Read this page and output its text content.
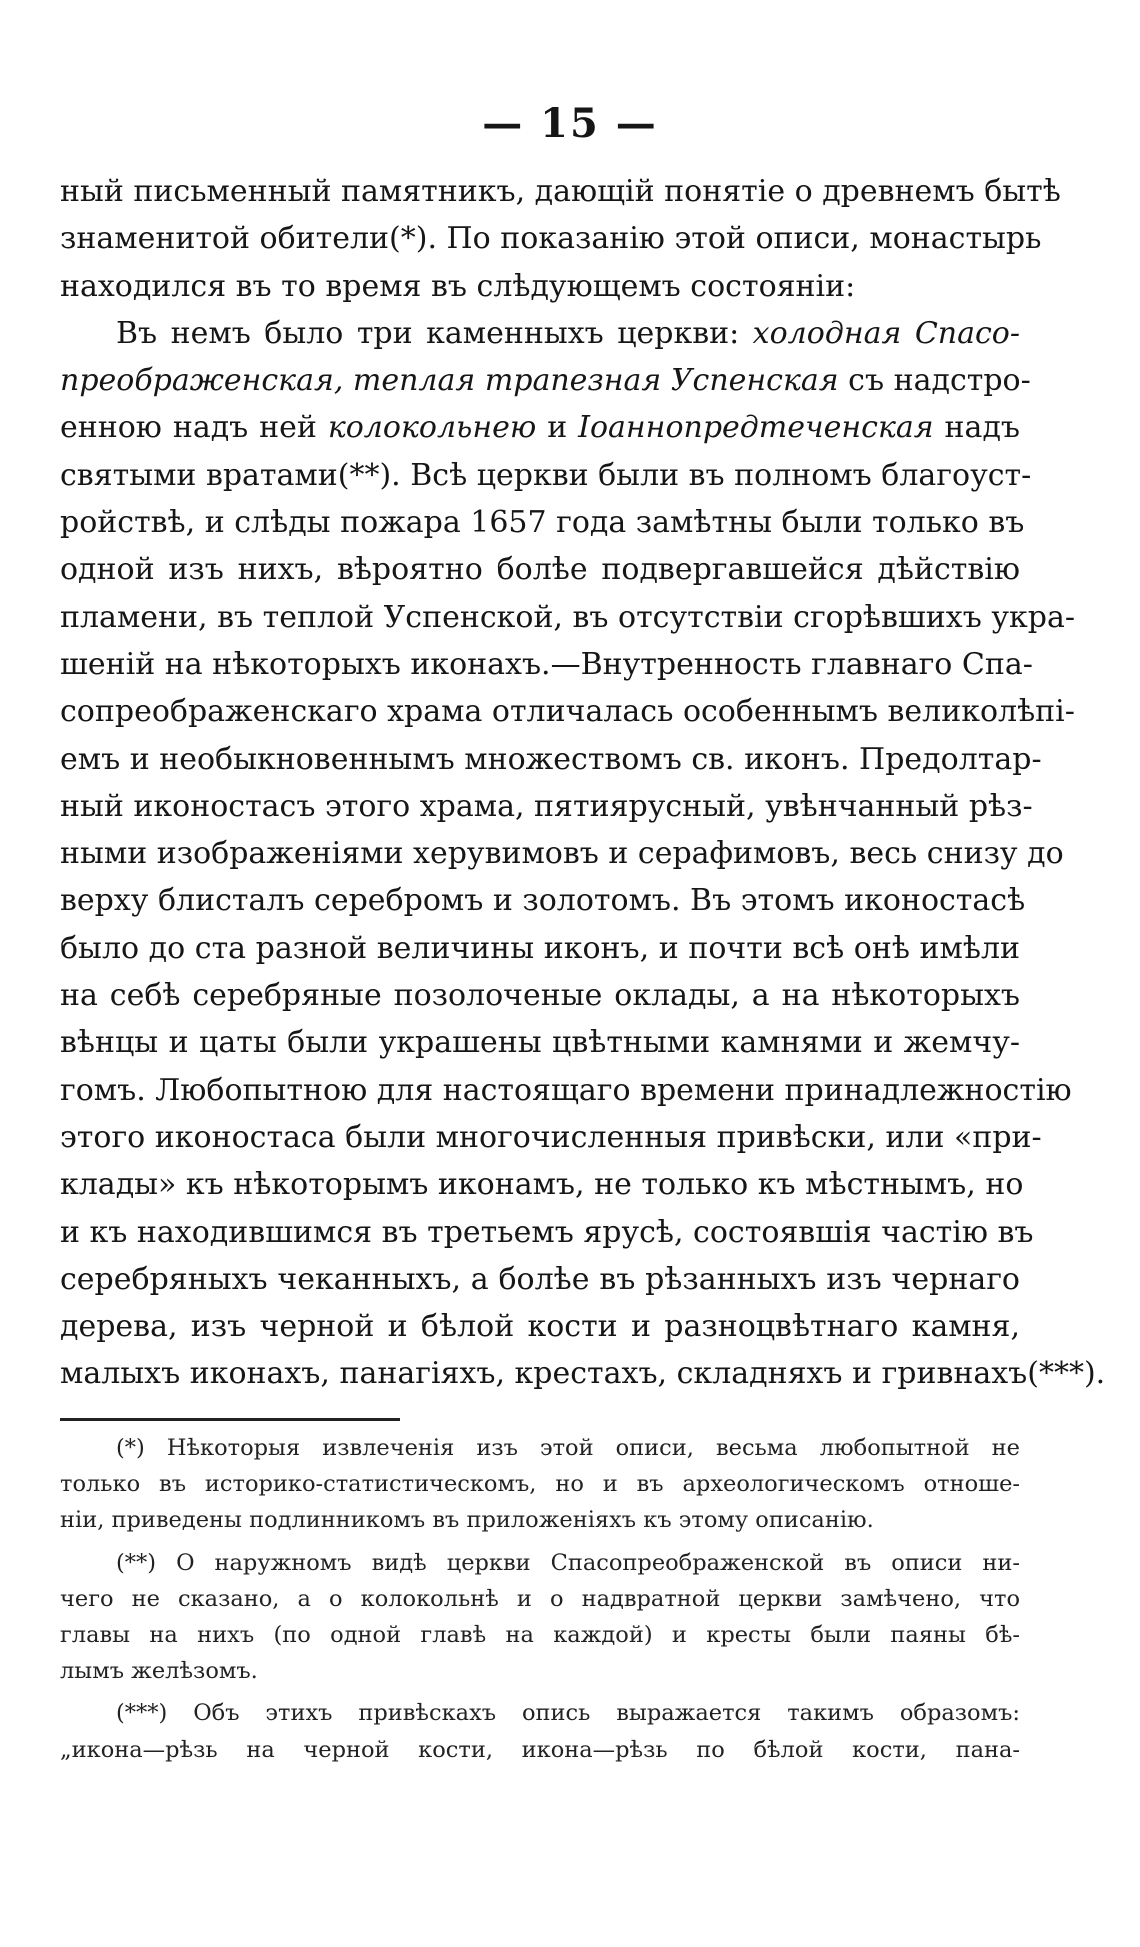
— 15 —
ный письменный памятникъ, дающій понятіе о древнемъ бытѣ
знаменитой обители(*). По показанію этой описи, монастырь
находился въ то время въ слѣдующемъ состояніи:
Въ немъ было три каменныхъ церкви: холодная Спасо-
преображенская, теплая трапезная Успенская съ надстро-
енною надъ ней колокольнею и Іоаннопредтеченская надъ
святыми вратами(**). Всѣ церкви были въ полномъ благоуст-
ройствѣ, и слѣды пожара 1657 года замѣтны были только въ
одной изъ нихъ, вѣроятно болѣе подвергавшейся дѣйствію
пламени, въ теплой Успенской, въ отсутствіи сгорѣвшихъ укра-
шеній на нѣкоторыхъ иконахъ.—Внутренность главнаго Спа-
сопреображенскаго храма отличалась особеннымъ великолѣпі-
емъ и необыкновеннымъ множествомъ св. иконъ. Предолтар-
ный иконостасъ этого храма, пятиярусный, увѣнчанный рѣз-
ными изображеніями херувимовъ и серафимовъ, весь снизу до
верху блисталъ серебромъ и золотомъ. Въ этомъ иконостасѣ
было до ста разной величины иконъ, и почти всѣ онѣ имѣли
на себѣ серебряные позолоченые оклады, а на нѣкоторыхъ
вѣнцы и цаты были украшены цвѣтными камнями и жемчу-
гомъ. Любопытною для настоящаго времени принадлежностію
этого иконостаса были многочисленныя привѣски, или «при-
клады» къ нѣкоторымъ иконамъ, не только къ мѣстнымъ, но
и къ находившимся въ третьемъ ярусѣ, состоявшія частію въ
серебряныхъ чеканныхъ, а болѣе въ рѣзанныхъ изъ чернаго
дерева, изъ черной и бѣлой кости и разноцвѣтнаго камня,
малыхъ иконахъ, панагіяхъ, крестахъ, складняхъ и гривнахъ(***).
(*) Нѣкоторыя извлеченія изъ этой описи, весьма любопытной не
только въ историко-статистическомъ, но и въ археологическомъ отноше-
ніи, приведены подлинникомъ въ приложеніяхъ къ этому описанію.
(**) О наружномъ видѣ церкви Спасопреображенской въ описи ни-
чего не сказано, а о колокольнѣ и о надвратной церкви замѣчено, что
главы на нихъ (по одной главѣ на каждой) и кресты были паяны бѣ-
лымъ желѣзомъ.
(***) Объ этихъ привѣскахъ опись выражается такимъ образомъ:
„икона—рѣзь на черной кости, икона—рѣзь по бѣлой кости, пана-
